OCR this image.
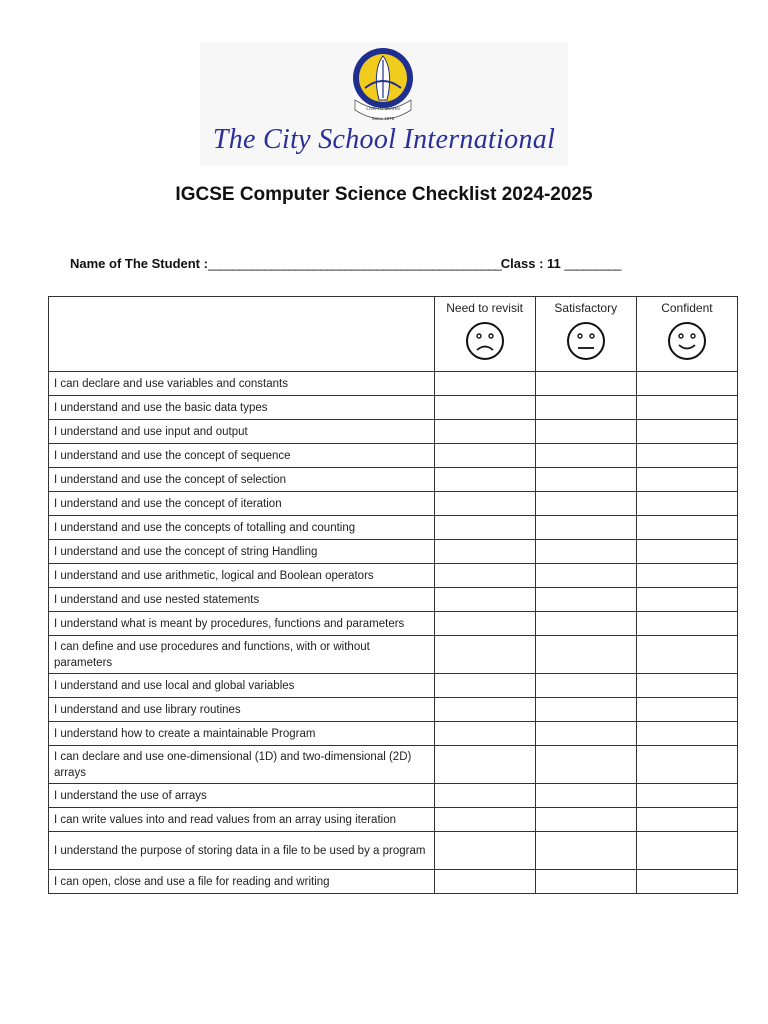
LIVE TO LEARN
Since 1978
The City School International
IGCSE Computer Science Checklist 2024-2025
Name of The Student :_______________________________________________Class : 11 _________

	Need to revisit	Satisfactory	Confident

I can declare and use variables and constants			
I understand and use the basic data types			
I understand and use input and output			
I understand and use the concept of sequence			
I understand and use the concept of selection			
I understand and use the concept of iteration			
I understand and use the concepts of totalling and counting			
I understand and use the concept of string Handling			
I understand and use arithmetic, logical and Boolean operators			
I understand and use nested statements			
I understand what is meant by procedures, functions and parameters			
I can define and use procedures and functions, with or without parameters			
I understand and use local and global variables			
I understand and use library routines			
I understand how to create a maintainable Program			
I can declare and use one-dimensional (1D) and two-dimensional (2D) arrays			
I understand the use of arrays			
I can write values into and read values from an array using iteration			
I understand the purpose of storing data in a file to be used by a program			
I can open, close and use a file for reading and writing			
